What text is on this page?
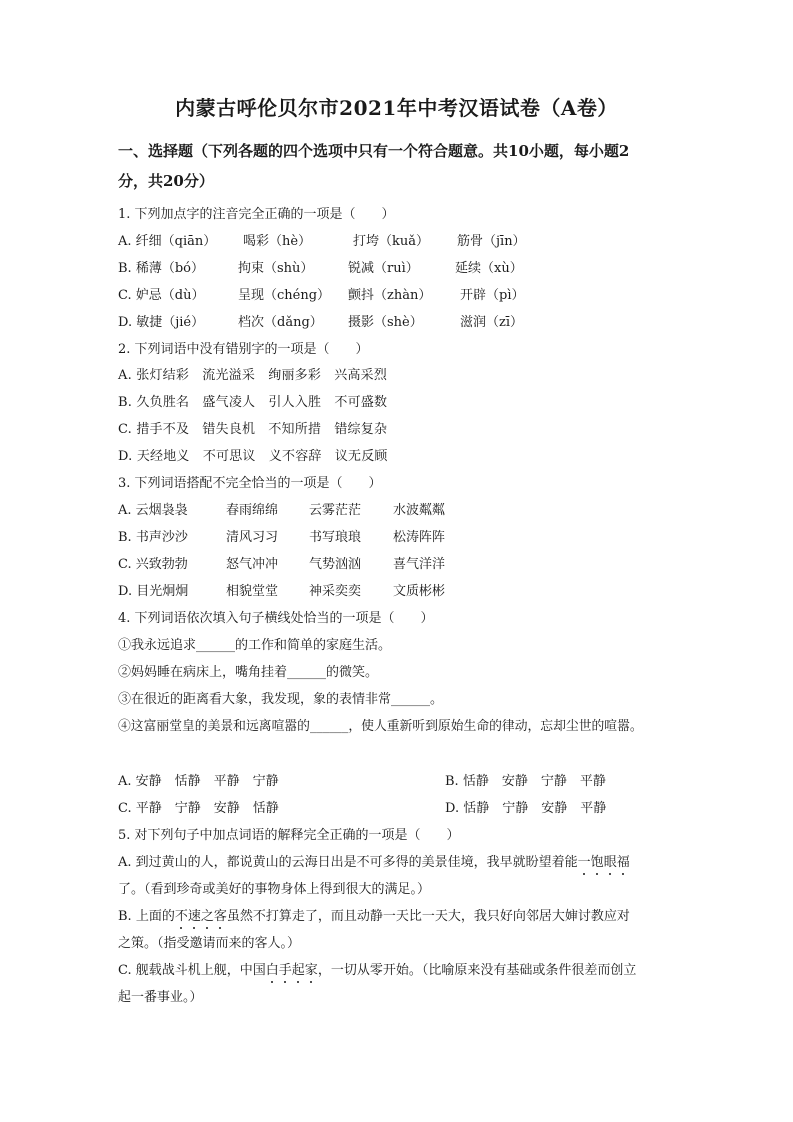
内蒙古呼伦贝尔市2021年中考汉语试卷（A卷）
一、选择题（下列各题的四个选项中只有一个符合题意。共10小题，每小题2
分，共20分）
1. 下列加点字的注音完全正确的一项是（　　）
A. 纤细（qiān） 喝彩（hè）	打垮（kuǎ） 筋骨（jīn）
B. 稀薄（bó）	拘束（shù）	锐减（ruì）	延续（xù）
C. 妒忌（dù）	呈现（chéng） 颤抖（zhàn） 开辟（pì）
D. 敏捷（jié）	档次（dǎng） 摄影（shè）	滋润（zī）
2. 下列词语中没有错别字的一项是（　　）
A. 张灯结彩　流光溢采　绚丽多彩　兴高采烈
B. 久负胜名　盛气凌人　引人入胜　不可盛数
C. 措手不及　错失良机　不知所措　错综复杂
D. 天经地义　不可思议　义不容辞　议无反顾
3. 下列词语搭配不完全恰当的一项是（　　）
A. 云烟袅袅	春雨绵绵 云雾茫茫 水波粼粼
B. 书声沙沙	清风习习 书写琅琅 松涛阵阵
C. 兴致勃勃	怒气冲冲 气势汹汹 喜气洋洋
D. 目光炯炯	相貌堂堂 神采奕奕 文质彬彬
4. 下列词语依次填入句子横线处恰当的一项是（　　）
①我永远追求______的工作和简单的家庭生活。
②妈妈睡在病床上，嘴角挂着______的微笑。
③在很近的距离看大象，我发现，象的表情非常______。
④这富丽堂皇的美景和远离喧嚣的______，使人重新听到原始生命的律动，忘却尘世的喧嚣。
A. 安静　恬静　平静　宁静	B. 恬静　安静　宁静　平静
C. 平静　宁静　安静　恬静	D. 恬静　宁静　安静　平静
5. 对下列句子中加点词语的解释完全正确的一项是（　　）
A. 到过黄山的人，都说黄山的云海日出是不可多得的美景佳境，我早就盼望着能一饱眼福
了。（看到珍奇或美好的事物身体上得到很大的满足。）
B. 上面的不速之客虽然不打算走了，而且动静一天比一天大，我只好向邻居大婶讨教应对
之策。（指受邀请而来的客人。）
C. 舰载战斗机上舰，中国白手起家，一切从零开始。（比喻原来没有基础或条件很差而创立
起一番事业。）
